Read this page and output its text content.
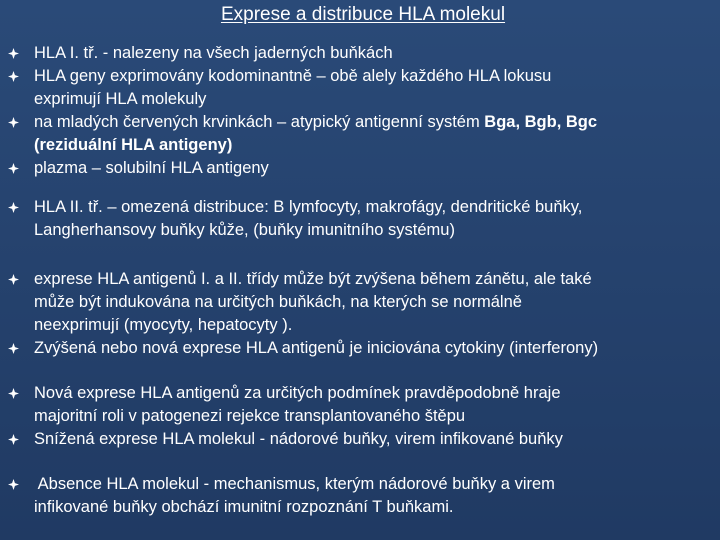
Exprese a distribuce HLA molekul
HLA I. tř. - nalezeny na všech jaderných buňkách
HLA geny exprimovány kodominantně – obě alely každého HLA lokusu
exprimují HLA molekuly
na mladých červených krvinkách – atypický antigenní systém Bga, Bgb, Bgc
(reziduální HLA antigeny)
plazma – solubilní HLA antigeny
HLA II. tř. – omezená distribuce: B lymfocyty, makrofágy, dendritické buňky,
Langherhansovy buňky kůže, (buňky imunitního systému)
exprese HLA antigenů I. a II. třídy může být zvýšena během zánětu, ale také
může být indukována na určitých buňkách, na kterých se normálně
neexprimují (myocyty, hepatocyty ).
Zvýšená nebo nová exprese HLA antigenů je iniciována cytokiny (interferony)
Nová exprese HLA antigenů za určitých podmínek pravděpodobně hraje
majoritní roli v patogenezi rejekce transplantovaného štěpu
Snížená exprese HLA molekul - nádorové buňky, virem infikované buňky
Absence HLA molekul - mechanismus, kterým nádorové buňky a virem
infikované buňky obchází imunitní rozpoznání T buňkami.
